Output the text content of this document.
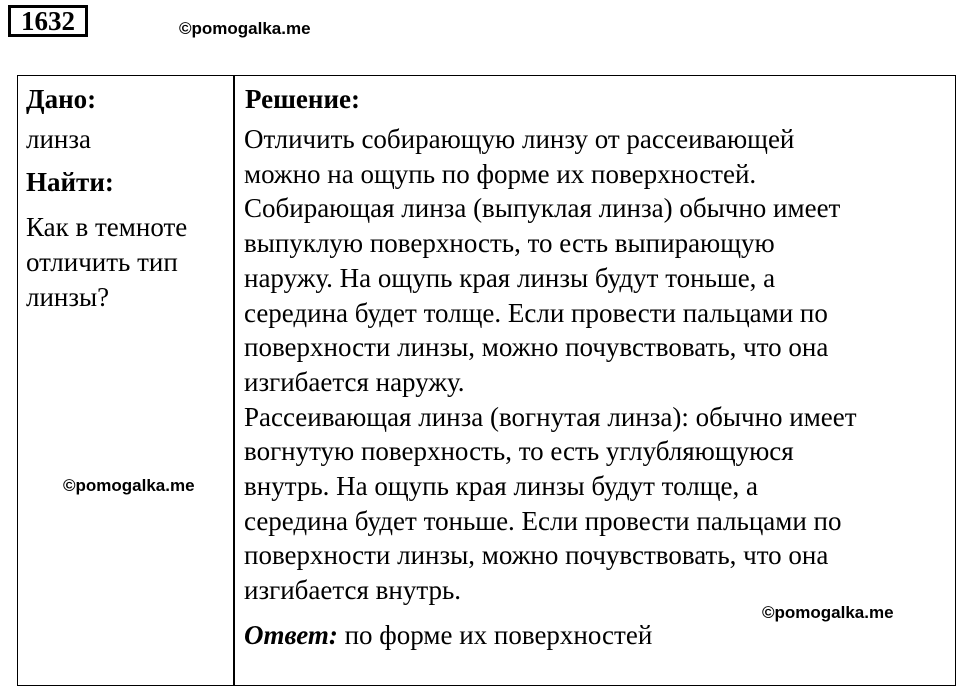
1632	©pomogalka.me
Дано:
линза
Найти:
Как в темноте
отличить тип
линзы?
©pomogalka.me
Решение:
Отличить собирающую линзу от рассеивающей
можно на ощупь по форме их поверхностей.
Собирающая линза (выпуклая линза) обычно имеет
выпуклую поверхность, то есть выпирающую
наружу. На ощупь края линзы будут тоньше, а
середина будет толще. Если провести пальцами по
поверхности линзы, можно почувствовать, что она
изгибается наружу.
Рассеивающая линза (вогнутая линза): обычно имеет
вогнутую поверхность, то есть углубляющуюся
внутрь. На ощупь края линзы будут толще, а
середина будет тоньше. Если провести пальцами по
поверхности линзы, можно почувствовать, что она
изгибается внутрь.
©pomogalka.me
Ответ: по форме их поверхностей
